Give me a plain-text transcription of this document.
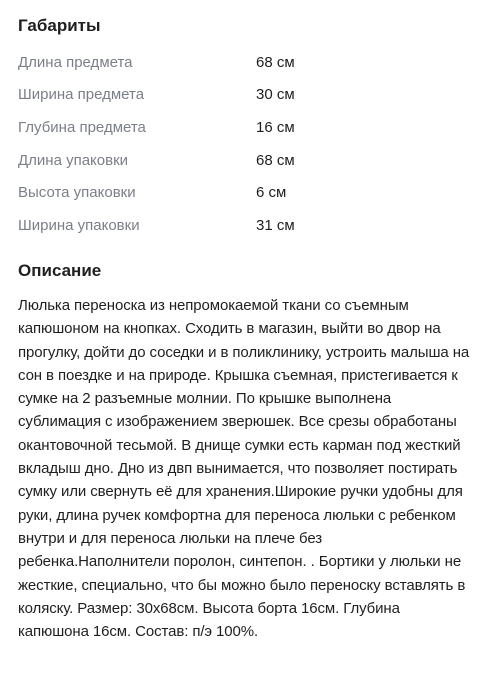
Габариты
Длина предмета	68 см
Ширина предмета	30 см
Глубина предмета	16 см
Длина упаковки	68 см
Высота упаковки	6 см
Ширина упаковки	31 см
Описание

Люлька переноска из непромокаемой ткани со съемным капюшоном на кнопках. Сходить в магазин, выйти во двор на прогулку, дойти до соседки и в поликлинику, устроить малыша на сон в поездке и на природе. Крышка съемная, пристегивается к сумке на 2 разъемные молнии. По крышке выполнена сублимация с изображением зверюшек. Все срезы обработаны окантовочной тесьмой. В днище сумки есть карман под жесткий вкладыш дно. Дно из двп вынимается, что позволяет постирать сумку или свернуть её для хранения.Широкие ручки удобны для руки, длина ручек комфортна для переноса люльки с ребенком внутри и для переноса люльки на плече без ребенка.Наполнители поролон, синтепон. . Бортики у люльки не жесткие, специально, что бы можно было переноску вставлять в коляску. Размер: 30х68см. Высота борта 16см. Глубина капюшона 16см. Состав: п/э 100%.
